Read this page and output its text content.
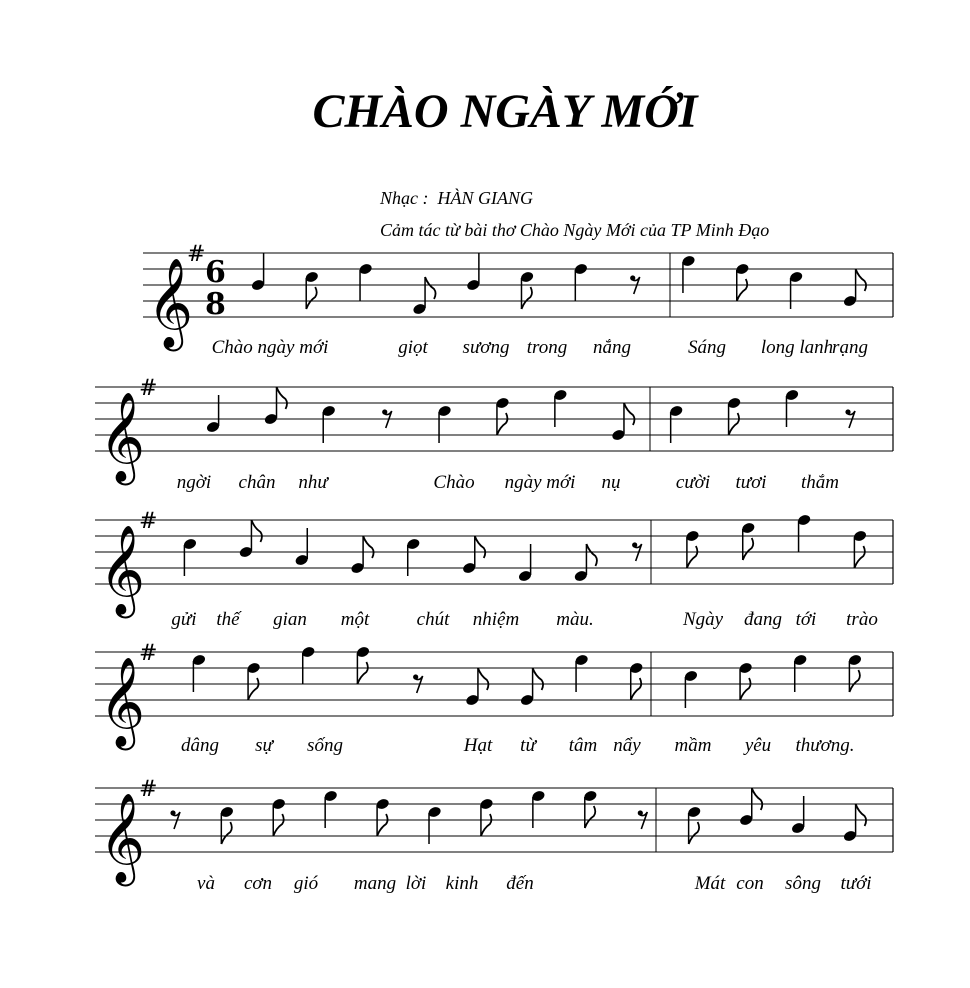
CHÀO NGÀY MỚI
Nhạc : HÀN GIANG
Cảm tác từ bài thơ Chào Ngày Mới của TP Minh Đạo
𝄞
#
6
8
Chào ngày mới	giọt sương trong nắng	Sáng long lanh
rạng
𝄞
#
ngời chân như	Chào ngày mới nụ	cười tươi thắm
𝄞
#
gửi thế gian một chút nhiệm màu.	Ngày đang tới trào
𝄞
#
dâng sự sống	Hạt từ tâm nẩy mầm yêu thương.
𝄞
#
và cơn gió mang lời kinh đến	Mát con sông tưới
